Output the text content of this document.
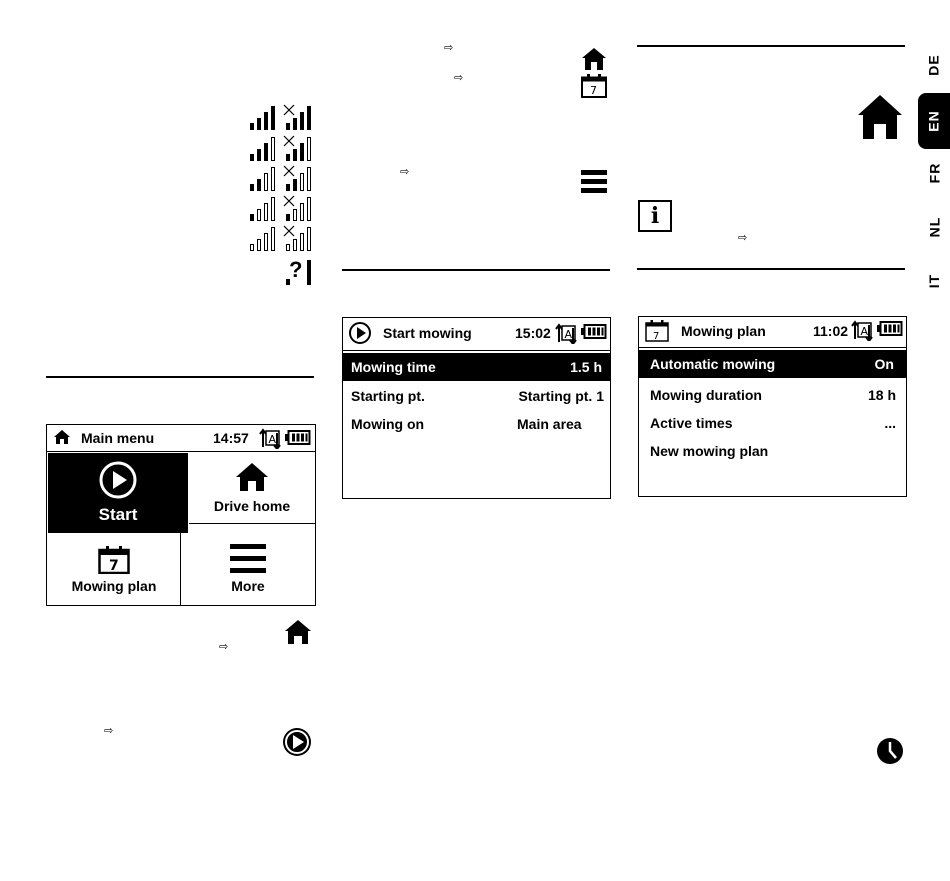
DE
EN
FR
NL
IT
?
Main menu	14:57 A
Start	Drive home
7
Mowing plan	More
⇨
⇨
⇨
⇨
7
⇨
Start mowing	15:02 A
Mowing time	1.5 h
Starting pt.	Starting pt. 1
Mowing on	Main area
i
⇨
7 Mowing plan	11:02 A
Automatic mowing	On
Mowing duration	18 h
Active times	...
New mowing plan
